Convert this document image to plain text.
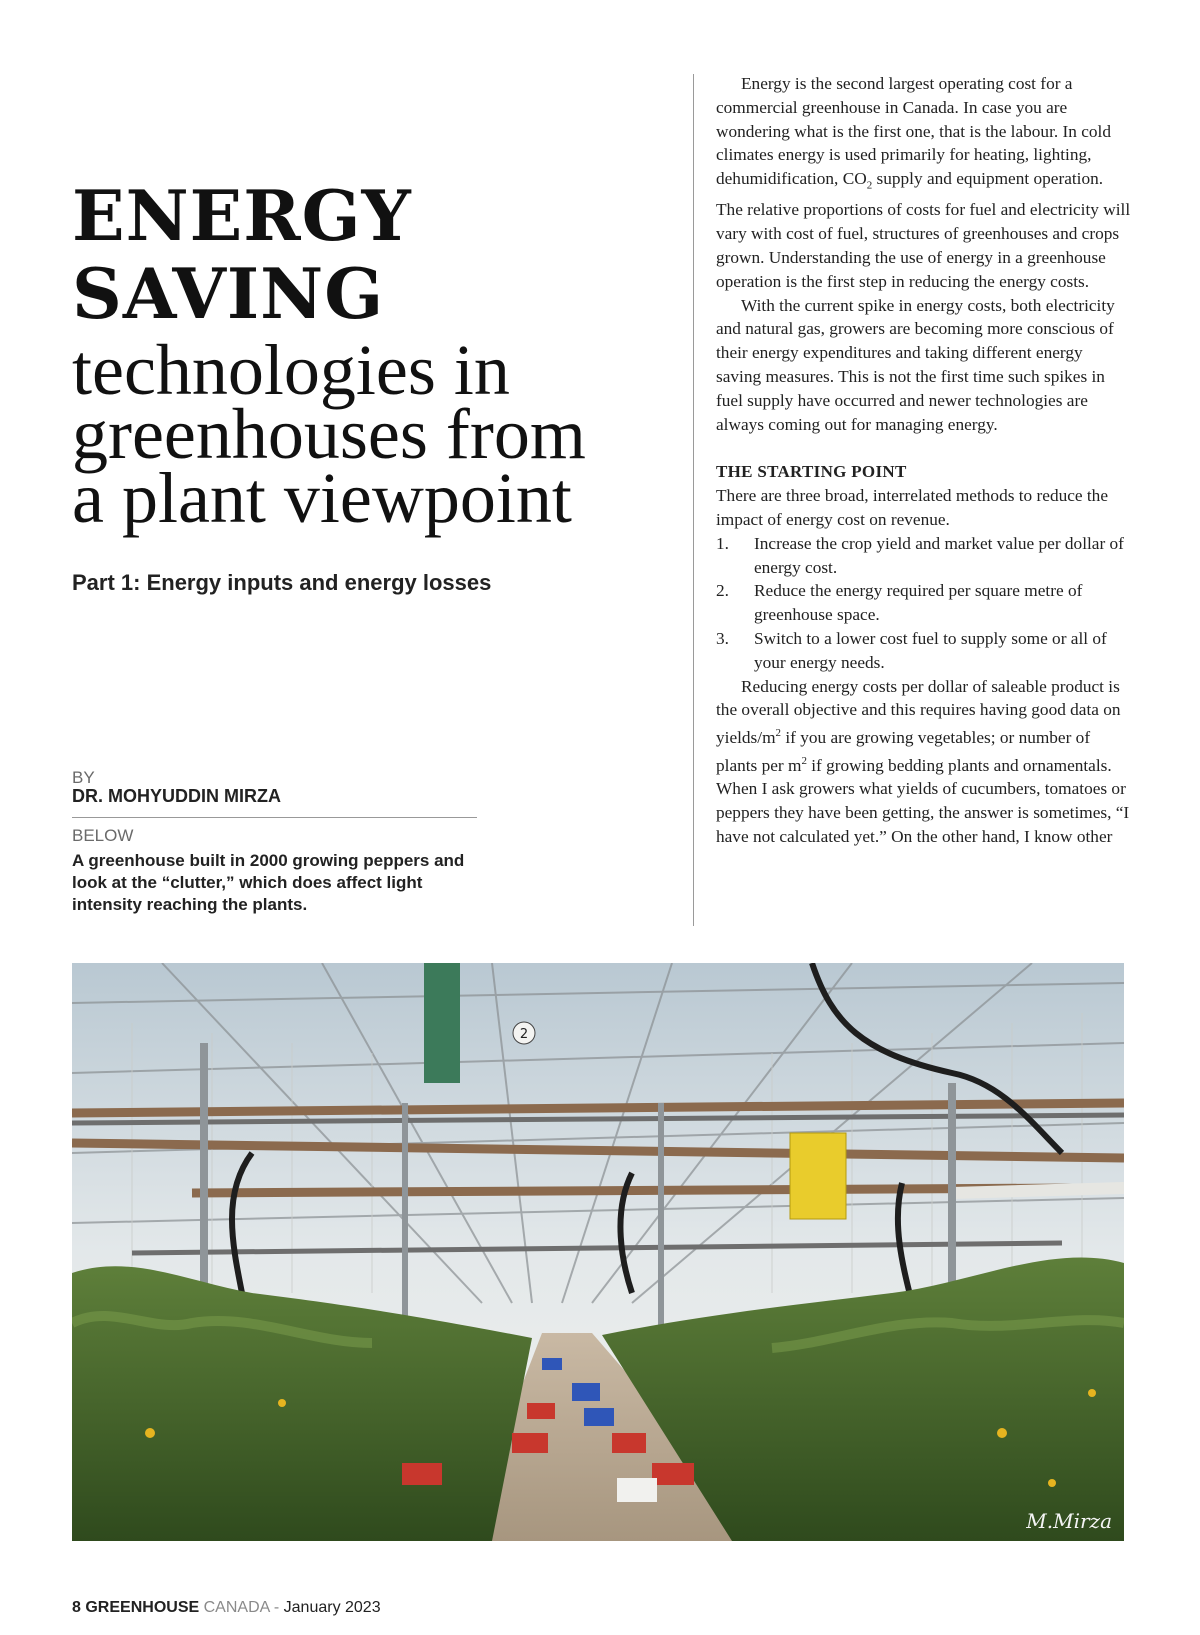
ENERGY
SAVING
technologies in
greenhouses from
a plant viewpoint
Part 1: Energy inputs and energy losses
BY
DR. MOHYUDDIN MIRZA
BELOW
A greenhouse built in 2000 growing peppers and look at the “clutter,” which does affect light intensity reaching the plants.

Energy is the second largest operating cost for a commercial greenhouse in Canada. In case you are wondering what is the first one, that is the labour. In cold climates energy is used primarily for heating, lighting, dehumidification, $CO_2$ supply and equipment operation. The relative proportions of costs for fuel and electricity will vary with cost of fuel, structures of greenhouses and crops grown. Understanding the use of energy in a greenhouse operation is the first step in reducing the energy costs.

With the current spike in energy costs, both electricity and natural gas, growers are becoming more conscious of their energy expenditures and taking different energy saving measures. This is not the first time such spikes in fuel supply have occurred and newer technologies are always coming out for managing energy.

THE STARTING POINT

There are three broad, interrelated methods to reduce the impact of energy cost on revenue.

1.	Increase the crop yield and market value per dollar of energy cost.
2.	Reduce the energy required per square metre of greenhouse space.
3.	Switch to a lower cost fuel to supply some or all of your energy needs.

Reducing energy costs per dollar of saleable product is the overall objective and this requires having good data on yields/$m^2$ if you are growing vegetables; or number of plants per $m^2$ if growing bedding plants and ornamentals. When I ask growers what yields of cucumbers, tomatoes or peppers they have been getting, the answer is sometimes, “I have not calculated yet.” On the other hand, I know other

2
M.Mirza
8 GREENHOUSE CANADA - January 2023
